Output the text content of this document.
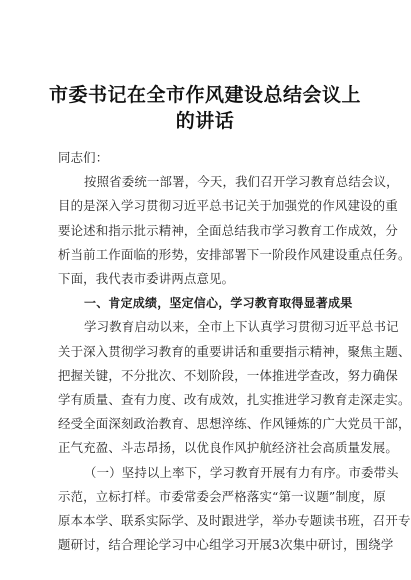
市委书记在全市作风建设总结会议上
的讲话
同志们：
按照省委统一部署，今天，我们召开学习教育总结会议，
目的是深入学习贯彻习近平总书记关于加强党的作风建设的重
要论述和指示批示精神，全面总结我市学习教育工作成效，分
析当前工作面临的形势，安排部署下一阶段作风建设重点任务。
下面，我代表市委讲两点意见。
一、肯定成绩，坚定信心，学习教育取得显著成果
学习教育启动以来，全市上下认真学习贯彻习近平总书记
关于深入贯彻学习教育的重要讲话和重要指示精神，聚焦主题、
把握关键，不分批次、不划阶段，一体推进学查改，努力确保
学有质量、查有力度、改有成效，扎实推进学习教育走深走实。
经受全面深刻政治教育、思想淬练、作风锤炼的广大党员干部，
正气充盈、斗志昂扬，以优良作风护航经济社会高质量发展。
（一）坚持以上率下，学习教育开展有力有序。市委带头
示范，立标打样。市委常委会严格落实“第一议题”制度，原
原本本学、联系实际学、及时跟进学，举办专题读书班，召开专
题研讨，结合理论学习中心组学习开展3次集中研讨，围绕学
